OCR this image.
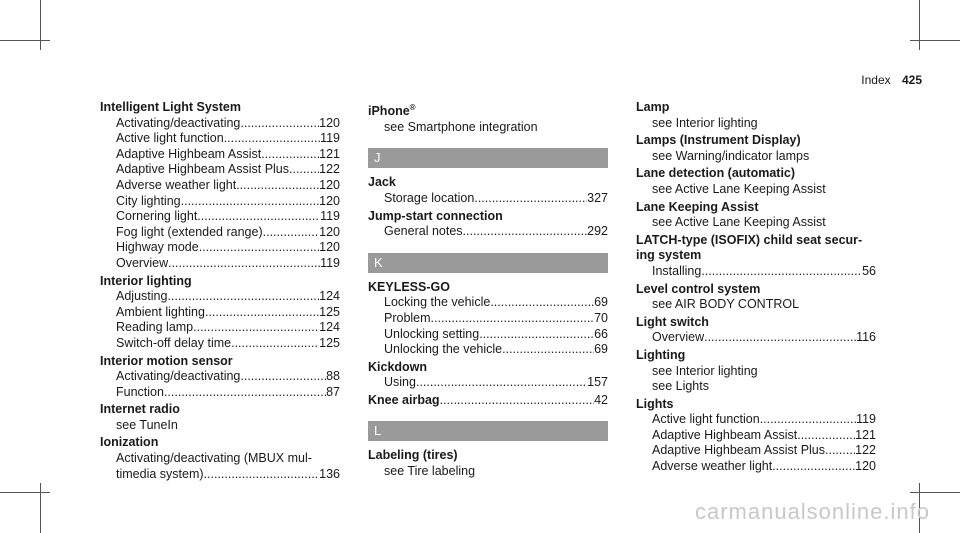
Index 425
Intelligent Light System
Activating/deactivating .....	120
Active light function .....	119
Adaptive Highbeam Assist .....	121
Adaptive Highbeam Assist Plus ..... 122
Adverse weather light .....	120
City lighting .....	120
Cornering light .....	119
Fog light (extended range) .....	120
Highway mode .....	120
Overview .....	119
Interior lighting
Adjusting .....	124
Ambient lighting .....	125
Reading lamp .....	124
Switch-off delay time .....	125
Interior motion sensor
Activating/deactivating .....	88
Function .....	87
Internet radio
see TuneIn
Ionization
Activating/deactivating (MBUX mul-
timedia system) .....	136
iPhone®
see Smartphone integration
J
Jack
Storage location .....	327
Jump-start connection
General notes .....	292
K
KEYLESS-GO
Locking the vehicle .....	69
Problem .....	70
Unlocking setting .....	66
Unlocking the vehicle .....	69
Kickdown
Using .....	157
Knee airbag .....	42
L
Labeling (tires)
see Tire labeling
Lamp
see Interior lighting
Lamps (Instrument Display)
see Warning/indicator lamps
Lane detection (automatic)
see Active Lane Keeping Assist
Lane Keeping Assist
see Active Lane Keeping Assist
LATCH-type (ISOFIX) child seat secur-
ing system
Installing .....	56
Level control system
see AIR BODY CONTROL
Light switch
Overview .....	116
Lighting
see Interior lighting
see Lights
Lights
Active light function .....	119
Adaptive Highbeam Assist .....	121
Adaptive Highbeam Assist Plus ..... 122
Adverse weather light .....	120
carmanualsonline.info
